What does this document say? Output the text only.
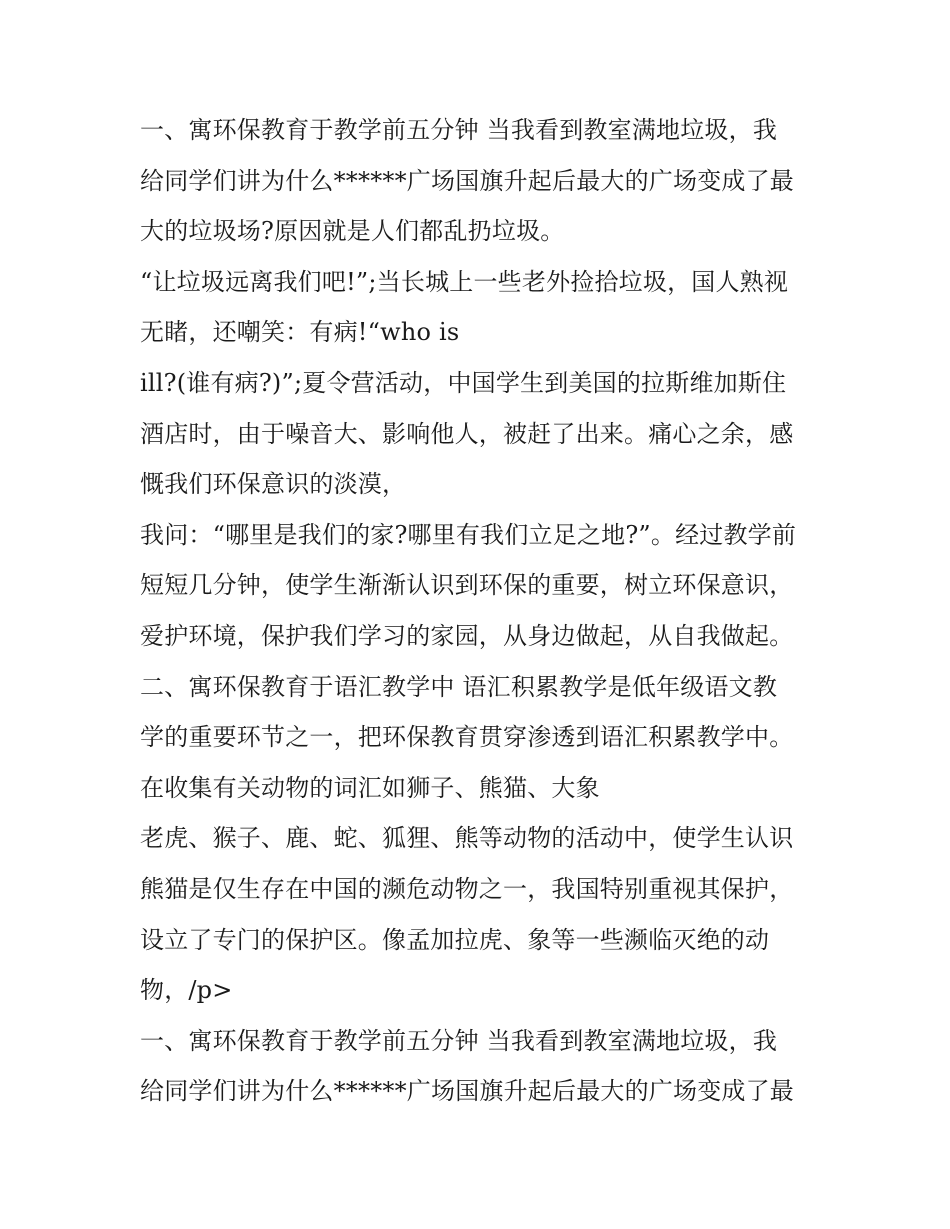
一、寓环保教育于教学前五分钟 当我看到教室满地垃圾，我
给同学们讲为什么******广场国旗升起后最大的广场变成了最
大的垃圾场?原因就是人们都乱扔垃圾。
“让垃圾远离我们吧!”;当长城上一些老外捡拾垃圾，国人熟视
无睹，还嘲笑：有病!“who is
ill?(谁有病?)”;夏令营活动，中国学生到美国的拉斯维加斯住
酒店时，由于噪音大、影响他人，被赶了出来。痛心之余，感
慨我们环保意识的淡漠，
我问：“哪里是我们的家?哪里有我们立足之地?”。经过教学前
短短几分钟，使学生渐渐认识到环保的重要，树立环保意识，
爱护环境，保护我们学习的家园，从身边做起，从自我做起。
二、寓环保教育于语汇教学中 语汇积累教学是低年级语文教
学的重要环节之一，把环保教育贯穿渗透到语汇积累教学中。
在收集有关动物的词汇如狮子、熊猫、大象
老虎、猴子、鹿、蛇、狐狸、熊等动物的活动中，使学生认识
熊猫是仅生存在中国的濒危动物之一，我国特别重视其保护，
设立了专门的保护区。像孟加拉虎、象等一些濒临灭绝的动
物，/p>
一、寓环保教育于教学前五分钟 当我看到教室满地垃圾，我
给同学们讲为什么******广场国旗升起后最大的广场变成了最
